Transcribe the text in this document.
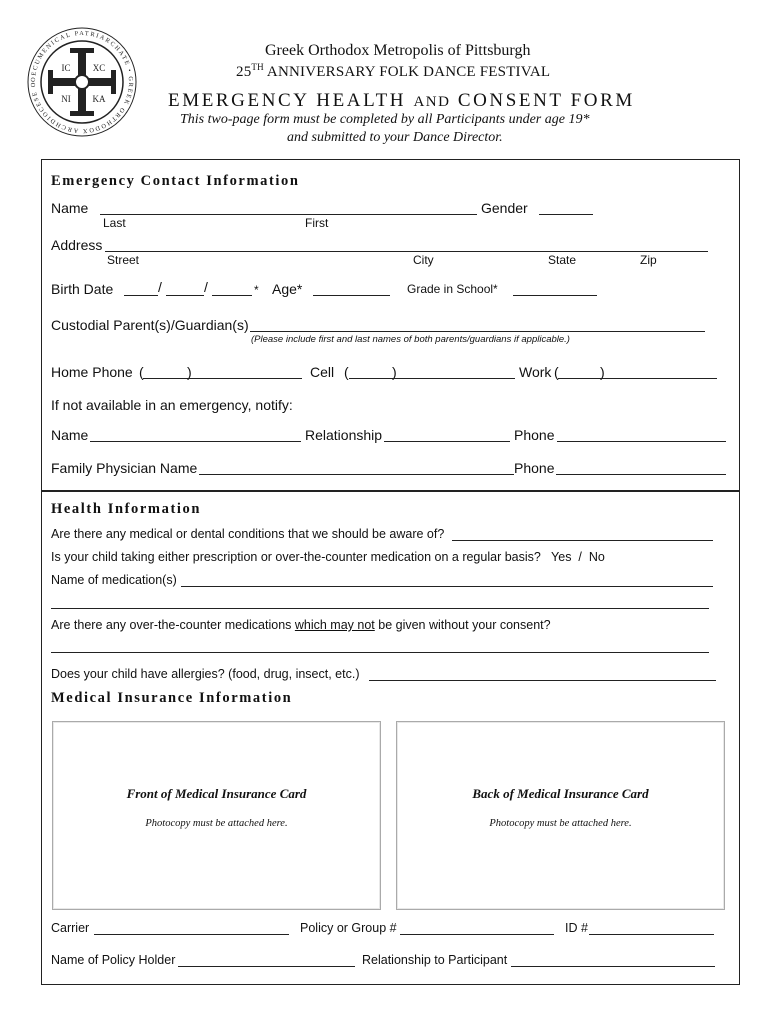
OECUMENICAL PATRIARCHATE • GREEK ORTHODOX ARCHDIOCESE O
IC XC
NI KA
Greek Orthodox Metropolis of Pittsburgh
25TH ANNIVERSARY FOLK DANCE FESTIVAL
EMERGENCY HEALTH AND CONSENT FORM
This two-page form must be completed by all Participants under age 19*
and submitted to your Dance Director.
Emergency Contact Information
Name	Gender
Last	First
Address
Street	City	State	Zip
Birth Date	/	/	* Age*	Grade in School*
Custodial Parent(s)/Guardian(s)
(Please include first and last names of both parents/guardians if applicable.)
Home Phone (	)	Cell (	)	Work (	)
If not available in an emergency, notify:
Name	Relationship	Phone
Family Physician Name	Phone
Health Information
Are there any medical or dental conditions that we should be aware of?
Is your child taking either prescription or over-the-counter medication on a regular basis? Yes / No
Name of medication(s)
Are there any over-the-counter medications which may not be given without your consent?
Does your child have allergies? (food, drug, insect, etc.)
Medical Insurance Information
Front of Medical Insurance Card
Photocopy must be attached here.
Back of Medical Insurance Card
Photocopy must be attached here.
Carrier	Policy or Group #	ID #
Name of Policy Holder	Relationship to Participant
